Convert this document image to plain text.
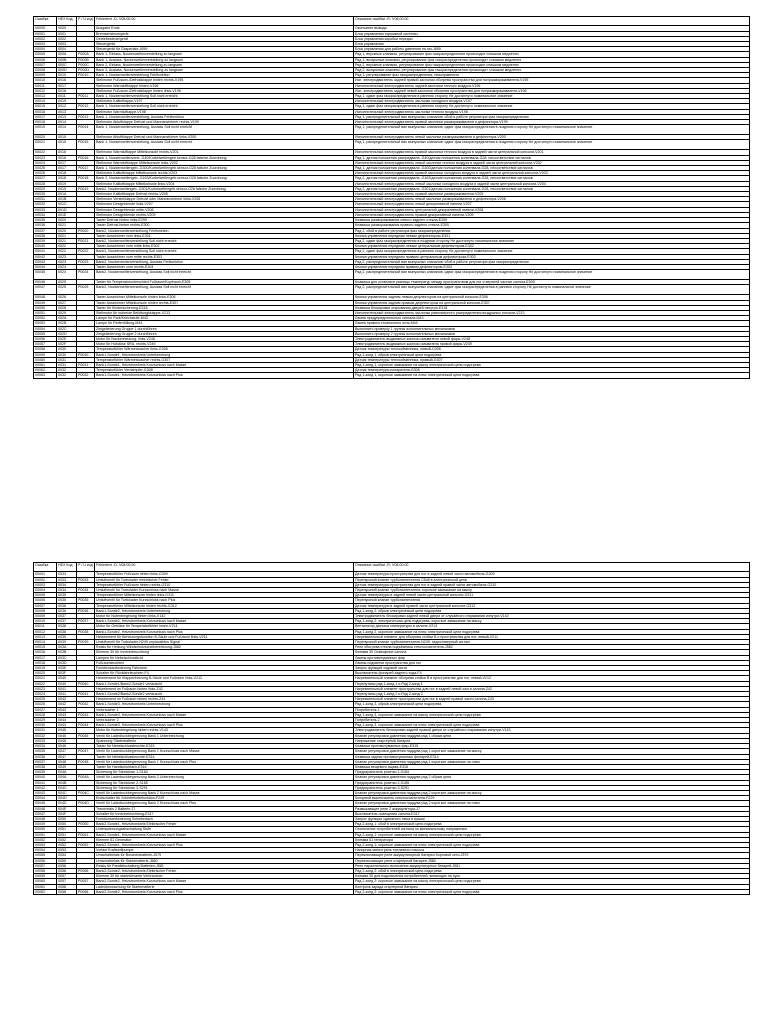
Ошибка	HEX Код	P / U код	Fehlertext -D- V08.00.00	Описание ошибки -R- V08.00.00
00000	0000		Ausgabe Ende	Окончание вывода
00001	0001		Bremsensteuergerät	Блок управления тормозной системы
00002	0002		Getriebesteuergerät	Блок управления коробки передач
00003	0003		Steuergerät	Блок управления
00004	0004		Steuergerät für Gaspedale-J659	Блок управления для работы давления на газ-J659
00005	000A	P000A	Bank 1, Einlass, Nockenwellenverstellung zu langsam	Ряд 1, впускные клапаны, регулирование фаз газораспределения происходит слишком медленно
00006	000B	P000B	Bank 1, Auslass, Nockenwellenverstellung zu langsam	Ряд 1, выпускные клапаны, регулирование фаз газораспределения происходит слишком медленно
00007	000C	P000C	Bank 2, Einlass, Nockenwellenverstellung zu langsam	Ряд 2, впускные клапаны, регулирование фаз газораспределения происходит слишком медленно
00008	000D	P000D	Bank 2, Auslass, Nockenwellenverstellung zu langsam	Ряд 2, выпускные клапаны, регулирование фаз газораспределения происходит слишком медленно
00009	0010	P0010	Bank 1, Nockenwellenverstellung Fehlfunktion	Ряд 1, регулирование фаз газораспределения, неисправность
00010	0016		Stellmotor Fußraum-/Defrostklappe hinten rechts-V195	Исп. электродвигатель задней правой заслонки обогрева пространства для ног/размораживателя-V195
00011	0017		Stellmotor Warmluftklappe hinten-V196	Исполнительный электродвигатель задней заслонки теплого воздуха-V196
00012	0018		Stellmotor Fußraum-/Defrostklappe hinten links-V196	Исп. электродвигатель задней левой заслонки обогрева пространства для ног/размораживателя-V196
00013	0011	P0011	Bank 1, Nockenwellenverstellung Soll nicht erreicht	Ряд 1, сдвиг фаз газораспределения в раннюю сторону Не достигнуто номинальное значение
00014	0019		Stellmotor Kaltluftlappe-V197	Исполнительный электродвигатель заслонки холодного воздуха-V197
00015	0012	P0012	Bank 1, Nockenwellenverstellung Soll nicht erreicht	Ряд 1, сдвиг фаз газораспределения в раннюю сторону Не достигнуто номинальное значение
00016	0013		Stellmotor Warmluftlappe-V198	Исполнительный электродвигатель заслонки теплого воздуха-V198
00017	0013	P0013	Bank 1, Nockenwellenverstellung, Auslass Fehlfunktion	Ряд 1, распределительный вал выпускных клапанов: сбой в работе регулятора фаз газораспределения
00018	0014		Stellmotor Abluftklappe Defrost und Mannanströmer rechts-V199	Исполнительный электродвигатель правой заслонки размораживателя и дефлектора-V199
00019	0014	P0014	Bank 1, Nockenwellenverstellung, Auslass Soll nicht erreicht	Ряд 1, распределительный вал выпускных клапанов: сдвиг фаз газораспределения в позднюю сторону Не достигнуто номинальное значение
00020	0015		Stellmotor Abluftklappe Defrost und Mannanströmer links-V200	Исполнительный электродвигатель левой заслонки размораживателя и дефлектора-V200
00021	0015	P0015	Bank 1, Nockenwellenverstellung, Auslass Soll nicht erreicht	Ряд 1, распределительный вал выпускных клапанов: сдвиг фаз газораспределения в позднюю сторону Не достигнуто номинальное значение
00022	0016		Stellmotor Warmluftlappe Mittelkonsole rechts-V201	Исполнительный электродвигатель правой заслонки теплого воздуха в задней части центральной консоли-V201
00023	0016	P0016	Bank 1, Nockenwellenverst.-G40/Kurbelwellengeb.sensor-G28 falsche Zuordnung	Ряд 1: датчик положения распредвала -G40/датчик положения коленвала-G28: несоответствие сигналов
00024	0017		Stellmotor Warmluftklappe Mittelkonsole links-V202	Исполнительный электродвигатель левой заслонки теплого воздуха в задней части центральной консоли-V202
00025	0017	P0017	Bank 1, Nockenwellengeb.-G300/Kurbelwellengeb.sensor-G28 falsche Zuordnung	Ряд 1, датчик положения распредвала -G300/датчик положения коленвала-G28, несоответствие сигналов
00026	0018		Stellmotor Kaltluftklappe Mittelkonsole rechts-V203	Исполнительный электродвигатель правой заслонки холодного воздуха в задней части центральной консоли-V203
00027	0018	P0018	Bank 2, Nockenwellengeb.-G163/Kurbelwellengeb.sensor-G28 falsche Zuordnung	Ряд 2, датчик положения распредвала -G163/датчик положения коленвала-G28, несоответствие сигналов
00028	0019		Stellmotor Kaltluftklappe Mittelkonsole links-V204	Исполнительный электродвигатель левой заслонки холодного воздуха в задней части центральной консоли-V204
00029	0019	P0019	Bank2, Nockenwellengeb.-G301/Kurbelwellengeb.sensor-G28 falsche Zuordnung	Ряд 2, датчик положения распредвала -G301/датчик положения коленвала-G28, несоответствие сигналов
00030	001A		Stellmotor Kaltluftklappe Defrost rechts-V205	Исполнительный электродвигатель правой заслонки размораживателя-V205
00031	001B		Stellmotor Verstellklappe Defrost oder Mannanströmer links-V206	Исполнительный электродвигатель левой заслонки размораживателя и дефлектора-V206
00032	001C		Stellmotor Designblende links-V207	Исполнительный электродвигатель левой декоративной панели-V207
00033	001D		Stellmotor Designblende mitte-V208	Исполнительный электродвигатель центральной декоративной панели-V208
00034	001E		Stellmotor Designblende rechts-V209	Исполнительный электродвигатель правой декоративной панели-V209
00035	0020		Taster Defrost hinten links-E299	Клавиша размораживания левого заднего стекла-E299
00036	0021		Taster Defrost hinten rechts-E300	Клавиша размораживания правого заднего стекла-E300
00037	0020	P0020	Bank2, Nockenwellenverstellung Fehlfunktion	Ряд 2, сбой в работе регулятора фаз газораспределения
00038	0021		Taster Ausströmer vorn links-E301	Кнопка управления передним левым дефлектором-E301
00039	0021	P0021	Bank2, Nockenwellenverstellung Soll nicht erreicht	Ряд 2, сдвиг фаз газораспределения в позднюю сторону Не достигнуто номинальное значение
00040	0022		Taster Ausströmer vorn mitte links-E302	Кнопка управления передним левым центральным дефлектором-E302
00041	0022	P0022	Bank2, Nockenwellenverstellung Soll nicht erreicht	Ряд 2, сдвиг фаз газораспределения в раннюю сторону Не достигнуто номинальное значение
00042	0023		Taster Ausströmer vorn mitte rechts-E303	Кнопка управления передним правым центральным дефлектором-E303
00043	0023	P0023	Bank2, Nockenwellenverstellung, Auslass Fehlfunktion	Ряд 2, распределительный вал выпускных клапанов: сбой в работе регулятора фаз газораспределения
00044	0024		Taster Ausströmer vorn rechts-E304	Кнопка управления передним правым дефлектором-E304
00045	0024	P0024	Bank2, Nockenwellenverstellung, Auslass Soll nicht erreicht	Ряд 2, распределительный вал выпускных клапанов: сдвиг фаз газораспределения в позднюю сторону Не достигнуто номинальное значение
00046	0025		Taster für Temperaturunterschied Fußraum/Kopfraum-E305	Клавиша для установки разницы температур между пространством для ног и верхней частью салона-E305
00047	0025	P0025	Bank2, Nockenwellenverstellung, Auslass Soll nicht erreicht	Ряд 2, распределительный вал выпускных клапанов: сдвиг фаз газораспределения в раннюю сторону Не достигнуто номинальное значение
00048	0026		Taster Ausströmer Mittelkonsole hinten links-E306	Кнопка управления задним левым дефлектором на центральной консоли-E306
00049	0027		Taster Ausströmer Mittelkonsole hinten rechts-E307	Кнопка управления задним правым дефлектором на центральной консоли-E307
00050	0028		Taster für Kindersicherung-E318	Клавиша блокировки открывания дверей изнутри-E318
00051	0029		Stellmotor für indirekte Belüftungsklappe-V213	Исполнительный электродвигатель заслонки равномерного распределения воздушных потоков-V213
00052	002A		Lampe für Park/Kriechstufe-M43	Лампа предупредительного сигнала-M43
00053	002B		Lampe für Reifenfüllung-M44	Лампа правого стояночного огня-M44
00054	002C		Zielgeliederung Gruppe 1 durchführen	Выполнить проверку 1 группы исполнительных механизмов
00055	002D		Zielgeliederung Gruppe 2 durchführen	Выполнить проверку 2 группы исполнительных механизмов
00056	002E		Motor für Nackenheizung, links-V248	Электродвигатель выдвижных жалюзи омывателя левой фары-V248
00057	002F		Motor für Hubdüse SRA, rechts-V249	Электродвигатель выдвижных жалюзи омывателя правой фары-V249
00058	0030		Temperaturfühler Wärmetauscher links-G306	Датчик температуры теплообменника, левый-G306
00059	0030	P0030	Bank1-Sonde1, Heizstromkreis Unterbrechung	Ряд 1-зонд 1, обрыв электрической цепи подогрева
00060	0031		Temperaturfühler Wärmetauscher rechts-G307	Датчик температуры теплообменника, правый-G307
00061	0031	P0031	Bank1-Sonde1, Heizstromkreis Kurzschluss nach Masse	Ряд 1-зонд 1, короткое замыкание на массу электрической цепи подогрева
00062	0032		Temperaturfühler Verdampfer-G308	Датчик температуры испарителя-G308
00063	0032	P0032	Bank1-Sonde1, Heizstromkreis Kurzschluss nach Plus	Ряд 1-зонд 1, короткое замыкание на плюс электрической цепи подогрева
Ошибка	HEX Код	P / U код	Fehlertext -D- V08.00.00	Описание ошибки -R- V08.00.00
00001	0033		Temperaturfühler Fußraum hinten links-G309	Датчик температуры пространства для ног в задней левой части автомобиля-G309
00002	0033	P0033	Umluftventil für Turbolader elektrischer Fehler	Перепускной клапан турбонагнетателя Сбой в электрической цепи
00003	0034		Temperaturfühler Fußraum hinten rechts-G310	Датчик температуры пространства для ног в задней правой части автомобиля-G310
00004	0034	P0034	Umluftventil für Turbolader Kurzschluss nach Masse	Перепускной клапан турбонагнетателя: короткое замыкание на массу
00005	0035		Temperaturfühler Mittelkonsole hinten links-G311	Датчик температуры в задней левой части центральной консоли-G311
00006	0035	P0035	Umluftventil für Turbolader Kurzschluss nach Plus	Перепускной клапан турбонагнетателя
00007	0036		Temperaturfühler Mittelkonsole hinten rechts-G312	Датчик температуры в задней правой части центральной консоли-G312
00008	0036	P0036	Bank1-Sonde2, Heizstromkreis Unterbrechung	Ряд 1-зонд 2: обрыв электрической цепи подогрева
00009	0037		Motor für Notentriegelung hinten links-V142	Электродвигатель блокировки задней левой двери от случайного открывания изнутри-V142
00010	0037	P0037	Bank1-Sonde2, Heizstromkreis Kurzschluss nach Masse	Ряд 1-зонд 2, электрическая цепь подогрева, короткое замыкание на массу
00011	0038		Motor für Gebläse für Temperaturfühler innen-V214	Вентилятор датчика температуры в салоне-V214
00012	0038	P0038	Bank1-Sonde2, Heizstromkreis Kurzschluss nach Plus	Ряд 1-зонд 2, короткое замыкание на плюс электрической цепи подогрева
00013	0039		Heizelement für Beheizungsfunktion B-Säule und Fußraum links-V211	Нагревательный элемент для обогрева стойки B и пространства для ног, левый-V211
00014	0039	P0039	Umluftventil für Turbolader-N249 unplausibles Signal	Перепускной клапан турбонагнетателя-N249: недостоверный сигнал
00015	003A		Relais für Heizung Windschutzscheibenheizung-J582	Реле обогрева стекла подъёмника стеклоочистителя-J582
00016	003B		Klemme 30 für Innenbeleuchtung	Клемма 30 Освещение салона
00017	003C		Lampen für Nebelschlusslicht	Лампы противотуманных фар
00018	003D		Fußraumleuchten	Лампы подсветки пространства для ног
00019	003E		Funktionsanforderung Fahrwerk	Запрос функций ходовой части
00020	003F		Schalter für Rückfahrleuchten-F4	Выключатель фонарей заднего хода-F4
00021	0040		Heizelement für Klappenheizung B-Säule und Fußraum links-V212	Нагревательный элемент обогрева стойки B в пространстве для ног, левый-V212
00022	0040	P0040	Bank1-Sonde1/Bank2-Sonde1 vertauscht	Перепутаны ряд 1-зонд 1 и Ряд 2-зонд 1
00023	0041		Heizelement im Fußraum hinten links-Z42	Нагревательный элемент пространства для ног в задней левой части салона-Z42
00024	0041	P0041	Bank1-Sonde2/Bank2-Sonde2 vertauscht	Перепутаны ряд 1-зонд 2 и Ряд 2-зонд 2
00025	0042		Heizelement im Fußraum hinten rechts-Z43	Нагревательный элемент пространства для ног в задней правой части салона-Z43
00026	0042	P0042	Bank1-Sonde3, Heizstromkreis Unterbrechung	Ряд 1-зонд 3, обрыв электрической цепи подогрева
00027	0043		Verbraucher 1	Потребитель 1
00028	0043	P0043	Bank1-Sonde3, Heizstromkreis Kurzschluss nach Masse	Ряд 1-зонд 3, короткое замыкание на массу электрической цепи подогрева
00029	0044		Verbraucher 2	Потребитель 2
00030	0044	P0044	Bank1-Sonde3, Heizstromkreis Kurzschluss nach Plus	Ряд 1-зонд 3, короткое замыкание на плюс электрической цепи подогрева
00031	0045		Motor für Notentriegelung hinten rechts-V143	Электродвигатель блокировки задней правой двери от случайного открывания изнутри-V143
00032	0045	P0045	Ventil für Ladedruckbegrenzung Bank 1 Unterbrechung	Клапан регулировки давления наддува ряд 1 обрыв цепи
00033	0046		Spannung Starterbatterie	Напряжение стартерной батареи
00034	0046		Taster für Nebelschlussleuchte-E315	Клавиша противотуманных фар-E315
00035	0047	P0047	Ventil für Ladedruckbegrenzung Bank 1 Kurzschluss nach Masse	Клапан регулировки давления наддува ряд 1 короткое замыкание на массу
00036	0047		Taster für Nebelschlussleuchte-E314	Клавиша задних противотуманных фонарей-E314
00037	0048	P0048	Ventil für Ladedruckbegrenzung Bank 1 Kurzschluss nach Plus	Клапан регулировки давления наддува ряд 1 короткое замыкание на плюс
00038	0049		Taster für Handschuhfach-E316	Клавиша вещевого ящика-E316
00039	004A		Sicherung für Steckdose 1-S184	Предохранитель розетки 1-S184
00040	004A	P004A	Ventil für Ladedruckbegrenzung Bank 2 Unterbrechung	Клапан регулировки давления наддува ряд 2 обрыв цепи
00041	004B		Sicherung für Steckdose 2-S185	Предохранитель розетки 2-S185
00042	004C		Sicherung für Steckdose 3-S291	Предохранитель розетки 3-S291
00043	004C	P004C	Ventil für Ladedruckbegrenzung Bank 2 Kurzschluss nach Masse	Клапан регулировки давления наддува ряд 2 короткое замыкание на массу
00044	004D		Endschalter für Schiebehebefunktion-F229	Концевой выключатель стеклоочистителя-F229
00045	004D	P004D	Ventil für Ladedruckbegrenzung Bank 2 Kurzschluss nach Plus	Клапан регулировки давления наддува ряд 2 короткое замыкание на плюс
00046	004E		Trennrelais 2 Batterie-J7	Размыкающее реле 2 аккумулятора-J7
00047	004F		Schalter für Innenbeleuchtung-E317	Выключатель освещения салона-E317
00048	0050		Funktionsanforderung Schiebedach	Запрос функции сдвижного люка в крыше
00049	0050	P0050	Bank2-Sonde1, Heizstromkreis Elektrischer Fehler	Ряд 2-зонд 1: сбой в электрической цепи подогрева
00050	0051		Unterspannungsabschaltung Stufe	Отключение потребителей сигнала по минимальному напряжению
00051	0051	P0051	Bank2-Sonde1, Heizstromkreis Kurzschluss nach Masse	Ряд 2-зонд 1: короткое замыкание на массу электрической цепи подогрева
00052	0052		Klemme 61 Generator	Клемма 61 генератора
00053	0052	P0052	Bank2-Sonde1, Heizstromkreis Kurzschluss nach Plus	Ряд 2-зонд 1: короткое замыкание на плюс электрической цепи подогрева
00054	0053		Vorlauf Kraftstoffpumpe	Напорная магистраль топливного насоса
00055	0054		Umschaltrelais für Bordnetzbatterie-J579	Переключающее реле аккумуляторной батареи бортовой сети-J579
00056	0055		Umschaltrelais für Starterbatterie-J580	Переключающее реле стартерной батареи-J580
00057	0056		Relais für Parallelschaltung Batterien-J581	Реле параллельного включения аккумуляторных батарей-J581
00058	0056	P0056	Bank2-Sonde2, Heizstromkreis Elektrischer Fehler	Ряд 2-зонд 2: сбой в электрической цепи подогрева
00059	0057		Klemme 30 für startrelevante Verbraucher	Клемма 30 для подключения потребителей, влияющих на пуск
00060	0057	P0057	Bank2-Sonde2, Heizstromkreis Kurzschluss nach Masse	Ряд 2-зонд 2: короткое замыкание на массу электрической цепи подогрева
00061	0058		Ladeüberwachung für Starterbatterie	Контроль заряда стартерной батареи
00062	0058	P0058	Bank2-Sonde2, Heizstromkreis Kurzschluss nach Plus	Ряд 2-зонд 2: короткое замыкание на плюс электрической цепи подогрева
